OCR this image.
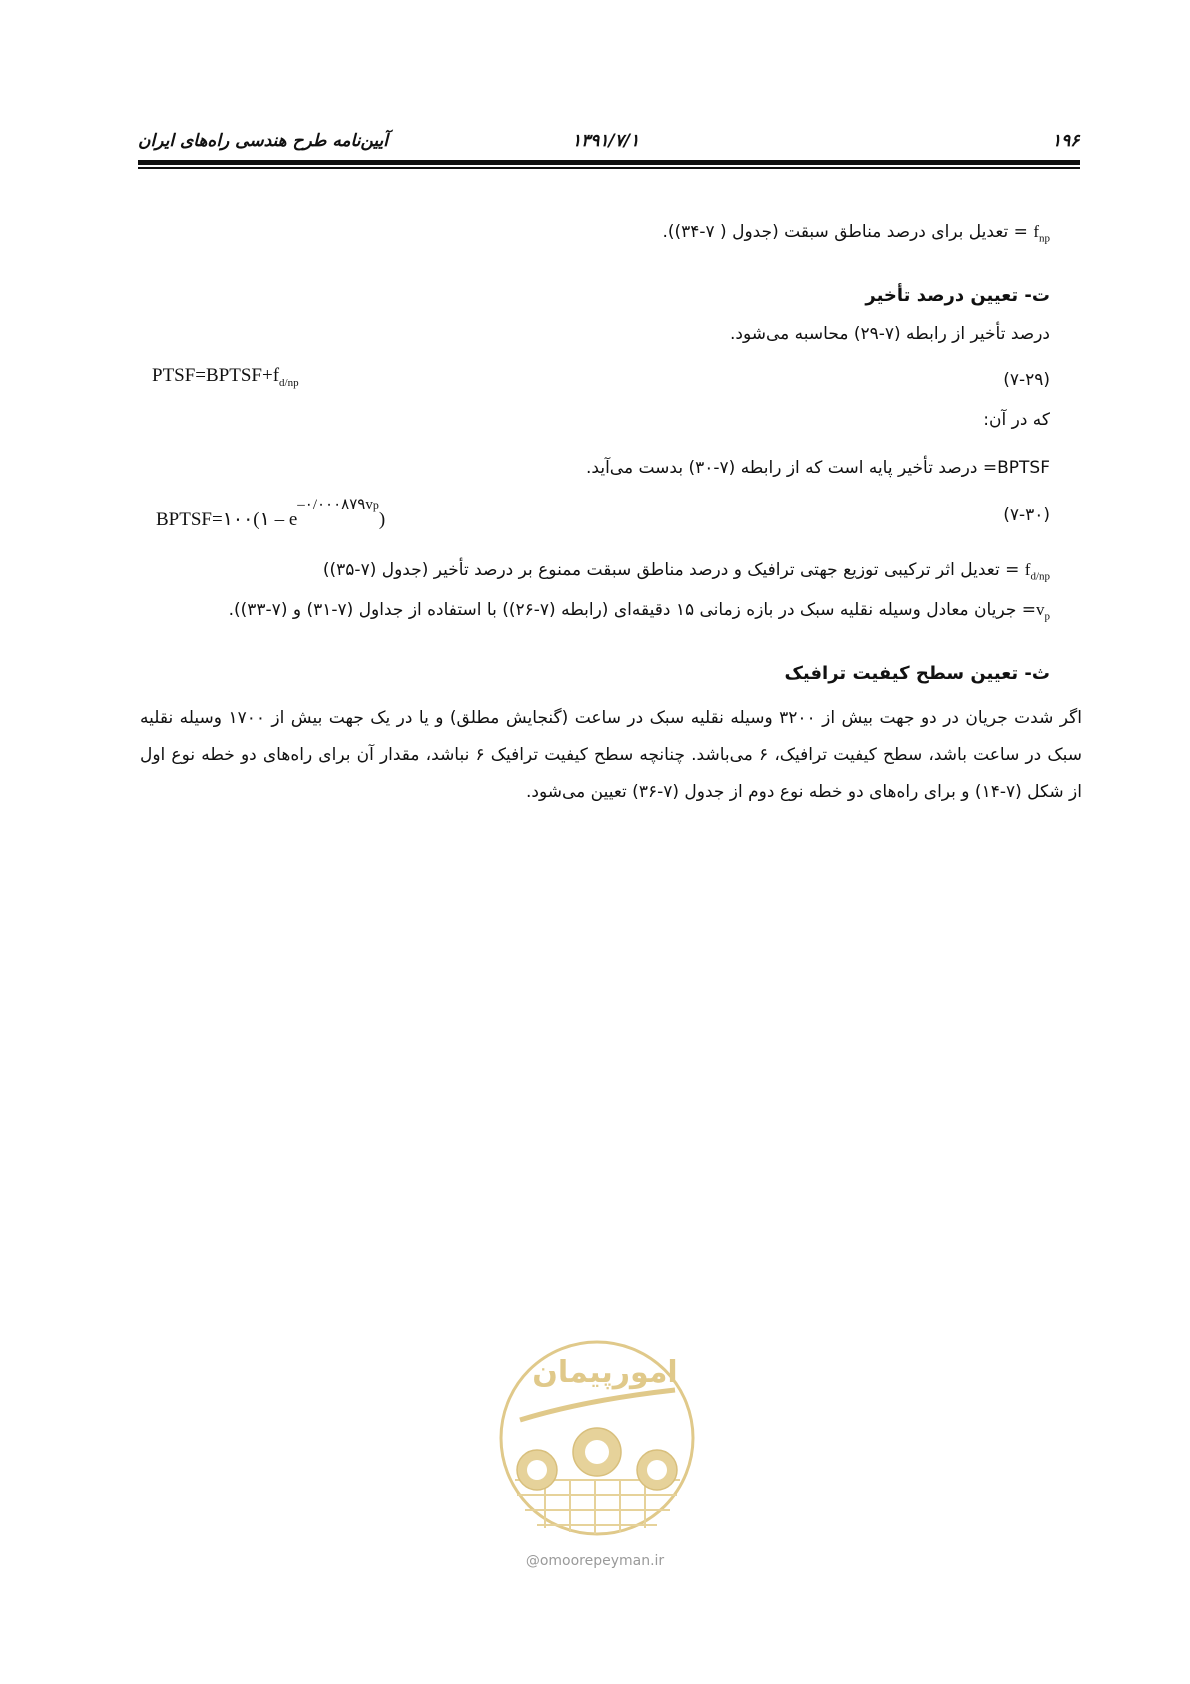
۱۹۶
۱۳۹۱/۷/۱
آیین‌نامه طرح هندسی راه‌های ایران
$f_{np}$ = تعدیل برای درصد مناطق سبقت (جدول ( ۷-۳۴)).
ت- تعیین درصد تأخیر
درصد تأخیر از رابطه (۷-۲۹) محاسبه می‌شود.
(۷-۲۹)
$PTSF=BPTSF+f_{d/np}$
که در آن:
BPTSF= درصد تأخیر پایه است که از رابطه (۷-۳۰) بدست می‌آید.
(۷-۳۰)
BPTSF=۱۰۰(۱ – $e^{-۰/۰۰۰۸۷۹vp}$)
$f_{d/np}$ = تعدیل اثر ترکیبی توزیع جهتی ترافیک و درصد مناطق سبقت ممنوع بر درصد تأخیر (جدول (۷-۳۵))
$v_p=$ جریان معادل وسیله نقلیه سبک در بازه زمانی ۱۵ دقیقه‌ای (رابطه (۷-۲۶)) با استفاده از جداول (۷-۳۱) و (۷-۳۳)).
ث- تعیین سطح کیفیت ترافیک
اگر شدت جریان در دو جهت بیش از ۳۲۰۰ وسیله نقلیه سبک در ساعت (گنجایش مطلق) و یا در یک جهت بیش از ۱۷۰۰ وسیله نقلیه سبک در ساعت باشد، سطح کیفیت ترافیک، ۶ می‌باشد. چنانچه سطح کیفیت ترافیک ۶ نباشد، مقدار آن برای راه‌های دو خطه نوع اول از شکل (۷-۱۴) و برای راه‌های دو خطه نوع دوم از جدول (۷-۳۶) تعیین می‌شود.
امورپیمان
@omoorepeyman.ir
